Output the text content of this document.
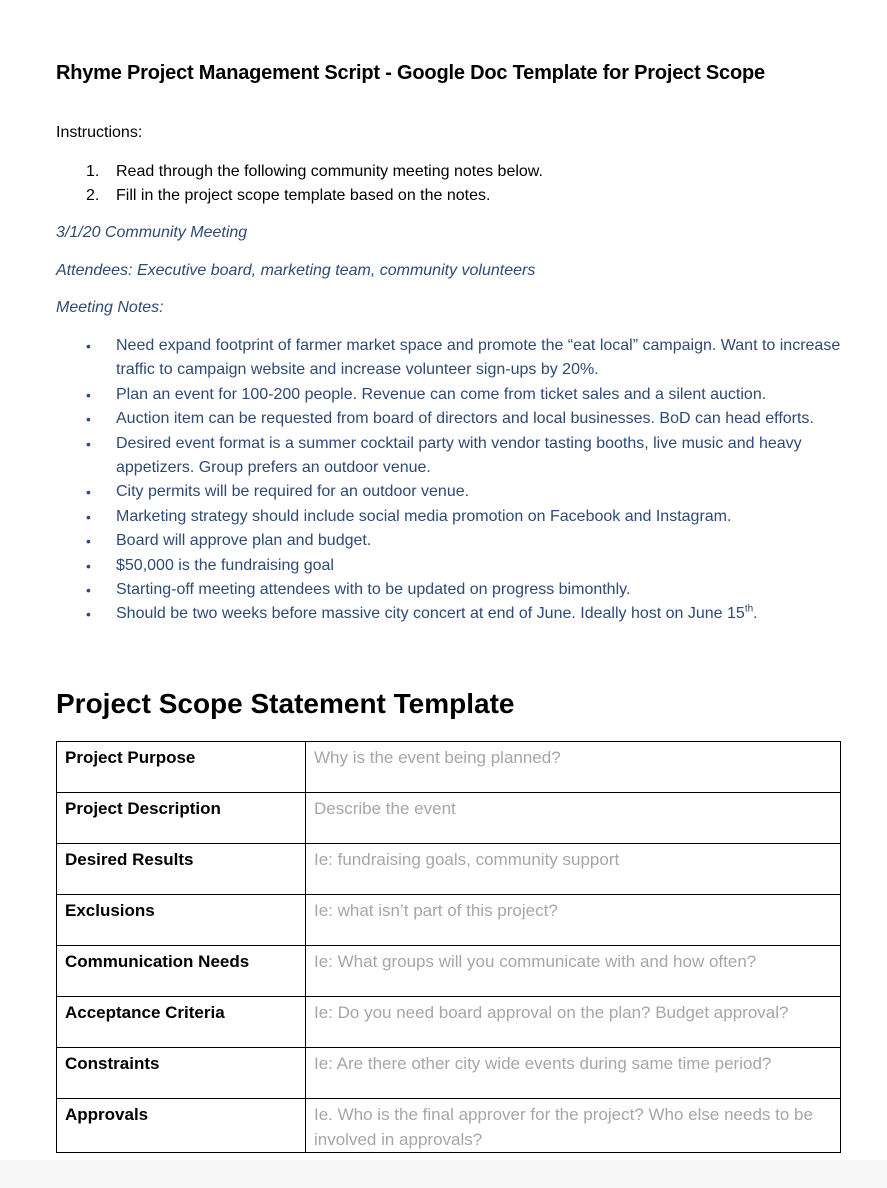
Rhyme Project Management Script - Google Doc Template for Project Scope
Instructions:
1. Read through the following community meeting notes below.
2. Fill in the project scope template based on the notes.
3/1/20 Community Meeting
Attendees: Executive board, marketing team, community volunteers
Meeting Notes:
• Need expand footprint of farmer market space and promote the “eat local” campaign. Want to increase traffic to campaign website and increase volunteer sign-ups by 20%.
• Plan an event for 100-200 people. Revenue can come from ticket sales and a silent auction.
• Auction item can be requested from board of directors and local businesses. BoD can head efforts.
• Desired event format is a summer cocktail party with vendor tasting booths, live music and heavy appetizers. Group prefers an outdoor venue.
• City permits will be required for an outdoor venue.
• Marketing strategy should include social media promotion on Facebook and Instagram.
• Board will approve plan and budget.
• $50,000 is the fundraising goal
• Starting-off meeting attendees with to be updated on progress bimonthly.
• Should be two weeks before massive city concert at end of June. Ideally host on June 15th.
Project Scope Statement Template
Project Purpose	Why is the event being planned?
Project Description	Describe the event
Desired Results	Ie: fundraising goals, community support
Exclusions	Ie: what isn’t part of this project?
Communication Needs	Ie: What groups will you communicate with and how often?
Acceptance Criteria	Ie: Do you need board approval on the plan? Budget approval?
Constraints	Ie: Are there other city wide events during same time period?
Approvals	Ie. Who is the final approver for the project? Who else needs to be involved in approvals?
